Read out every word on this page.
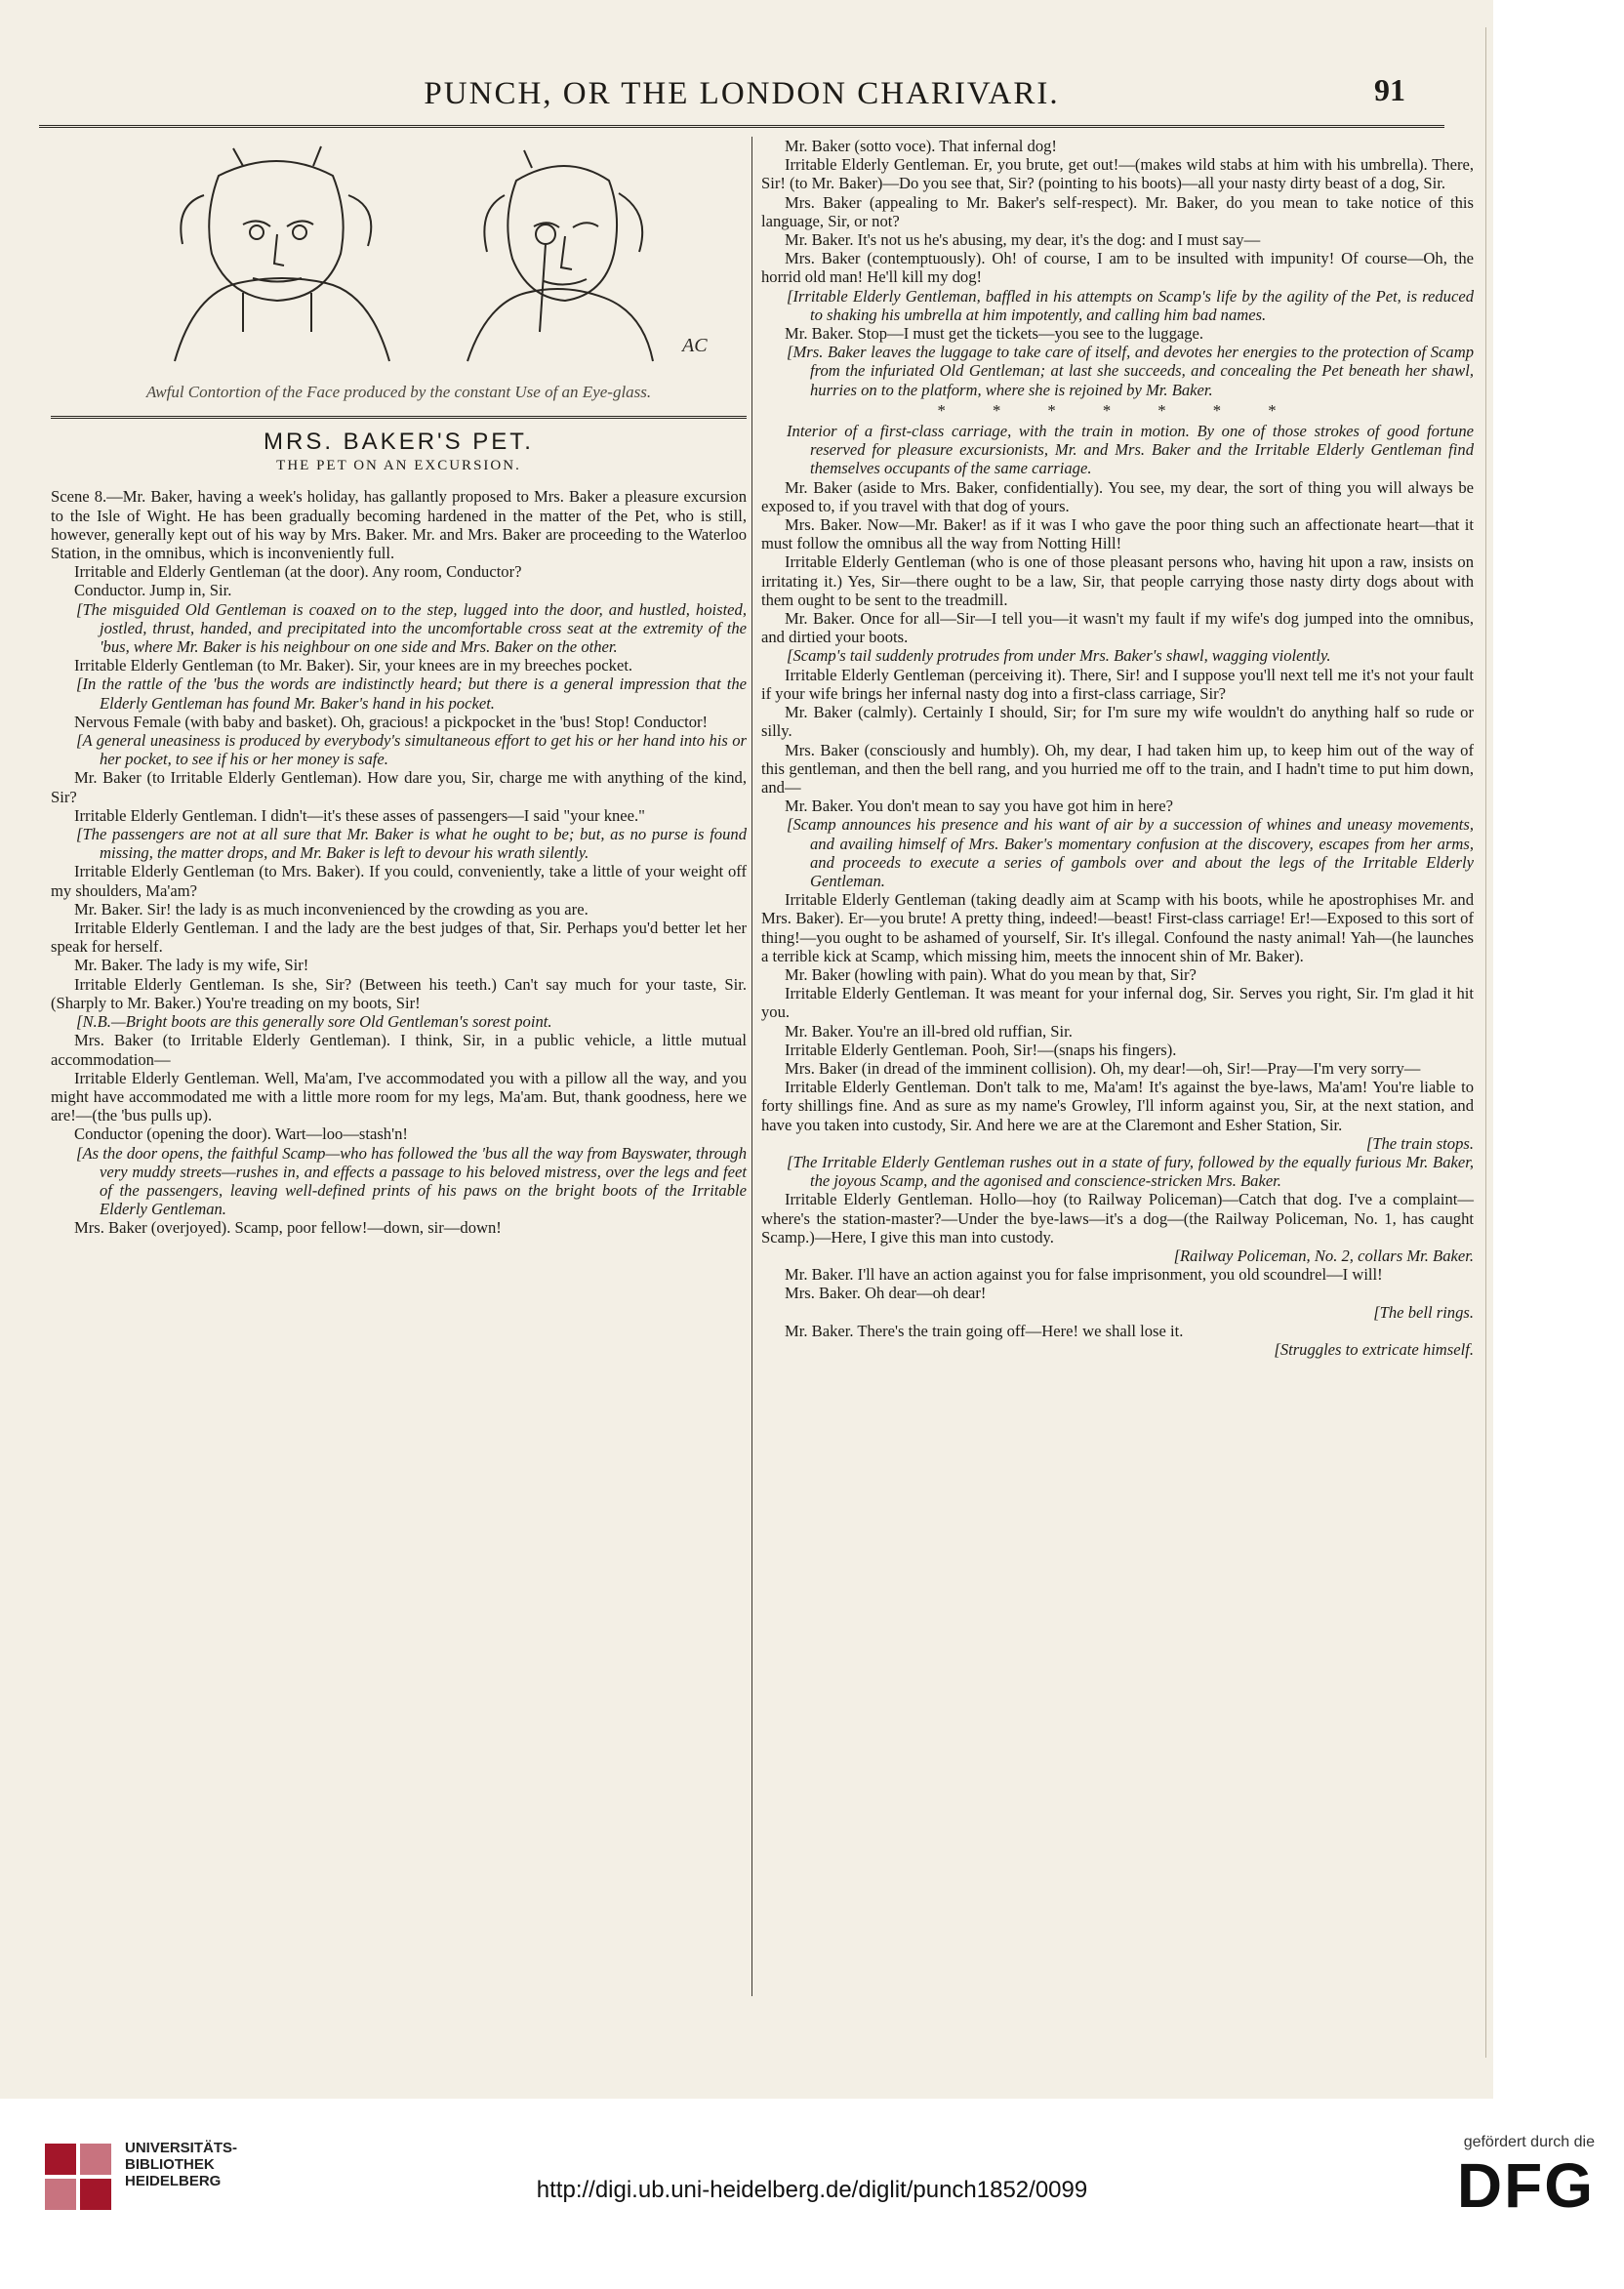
PUNCH, OR THE LONDON CHARIVARI.	91
AC
Awful Contortion of the Face produced by the constant Use of an Eye-glass.
MRS. BAKER'S PET.
THE PET ON AN EXCURSION.

Scene 8.—Mr. Baker, having a week's holiday, has gallantly proposed to Mrs. Baker a pleasure excursion to the Isle of Wight. He has been gradually becoming hardened in the matter of the Pet, who is still, however, generally kept out of his way by Mrs. Baker. Mr. and Mrs. Baker are proceeding to the Waterloo Station, in the omnibus, which is inconveniently full.

Irritable and Elderly Gentleman (at the door). Any room, Conductor?

Conductor. Jump in, Sir.

[The misguided Old Gentleman is coaxed on to the step, lugged into the door, and hustled, hoisted, jostled, thrust, handed, and precipitated into the uncomfortable cross seat at the extremity of the 'bus, where Mr. Baker is his neighbour on one side and Mrs. Baker on the other.

Irritable Elderly Gentleman (to Mr. Baker). Sir, your knees are in my breeches pocket.

[In the rattle of the 'bus the words are indistinctly heard; but there is a general impression that the Elderly Gentleman has found Mr. Baker's hand in his pocket.

Nervous Female (with baby and basket). Oh, gracious! a pickpocket in the 'bus! Stop! Conductor!

[A general uneasiness is produced by everybody's simultaneous effort to get his or her hand into his or her pocket, to see if his or her money is safe.

Mr. Baker (to Irritable Elderly Gentleman). How dare you, Sir, charge me with anything of the kind, Sir?

Irritable Elderly Gentleman. I didn't—it's these asses of passengers—I said "your knee."

[The passengers are not at all sure that Mr. Baker is what he ought to be; but, as no purse is found missing, the matter drops, and Mr. Baker is left to devour his wrath silently.

Irritable Elderly Gentleman (to Mrs. Baker). If you could, conveniently, take a little of your weight off my shoulders, Ma'am?

Mr. Baker. Sir! the lady is as much inconvenienced by the crowding as you are.

Irritable Elderly Gentleman. I and the lady are the best judges of that, Sir. Perhaps you'd better let her speak for herself.

Mr. Baker. The lady is my wife, Sir!

Irritable Elderly Gentleman. Is she, Sir? (Between his teeth.) Can't say much for your taste, Sir. (Sharply to Mr. Baker.) You're treading on my boots, Sir!

[N.B.—Bright boots are this generally sore Old Gentleman's sorest point.

Mrs. Baker (to Irritable Elderly Gentleman). I think, Sir, in a public vehicle, a little mutual accommodation—

Irritable Elderly Gentleman. Well, Ma'am, I've accommodated you with a pillow all the way, and you might have accommodated me with a little more room for my legs, Ma'am. But, thank goodness, here we are!—(the 'bus pulls up).

Conductor (opening the door). Wart—loo—stash'n!

[As the door opens, the faithful Scamp—who has followed the 'bus all the way from Bayswater, through very muddy streets—rushes in, and effects a passage to his beloved mistress, over the legs and feet of the passengers, leaving well-defined prints of his paws on the bright boots of the Irritable Elderly Gentleman.

Mrs. Baker (overjoyed). Scamp, poor fellow!—down, sir—down!

Mr. Baker (sotto voce). That infernal dog!

Irritable Elderly Gentleman. Er, you brute, get out!—(makes wild stabs at him with his umbrella). There, Sir! (to Mr. Baker)—Do you see that, Sir? (pointing to his boots)—all your nasty dirty beast of a dog, Sir.

Mrs. Baker (appealing to Mr. Baker's self-respect). Mr. Baker, do you mean to take notice of this language, Sir, or not?

Mr. Baker. It's not us he's abusing, my dear, it's the dog: and I must say—

Mrs. Baker (contemptuously). Oh! of course, I am to be insulted with impunity! Of course—Oh, the horrid old man! He'll kill my dog!

[Irritable Elderly Gentleman, baffled in his attempts on Scamp's life by the agility of the Pet, is reduced to shaking his umbrella at him impotently, and calling him bad names.

Mr. Baker. Stop—I must get the tickets—you see to the luggage.

[Mrs. Baker leaves the luggage to take care of itself, and devotes her energies to the protection of Scamp from the infuriated Old Gentleman; at last she succeeds, and concealing the Pet beneath her shawl, hurries on to the platform, where she is rejoined by Mr. Baker.

* * * * * * *

Interior of a first-class carriage, with the train in motion. By one of those strokes of good fortune reserved for pleasure excursionists, Mr. and Mrs. Baker and the Irritable Elderly Gentleman find themselves occupants of the same carriage.

Mr. Baker (aside to Mrs. Baker, confidentially). You see, my dear, the sort of thing you will always be exposed to, if you travel with that dog of yours.

Mrs. Baker. Now—Mr. Baker! as if it was I who gave the poor thing such an affectionate heart—that it must follow the omnibus all the way from Notting Hill!

Irritable Elderly Gentleman (who is one of those pleasant persons who, having hit upon a raw, insists on irritating it.) Yes, Sir—there ought to be a law, Sir, that people carrying those nasty dirty dogs about with them ought to be sent to the treadmill.

Mr. Baker. Once for all—Sir—I tell you—it wasn't my fault if my wife's dog jumped into the omnibus, and dirtied your boots.

[Scamp's tail suddenly protrudes from under Mrs. Baker's shawl, wagging violently.

Irritable Elderly Gentleman (perceiving it). There, Sir! and I suppose you'll next tell me it's not your fault if your wife brings her infernal nasty dog into a first-class carriage, Sir?

Mr. Baker (calmly). Certainly I should, Sir; for I'm sure my wife wouldn't do anything half so rude or silly.

Mrs. Baker (consciously and humbly). Oh, my dear, I had taken him up, to keep him out of the way of this gentleman, and then the bell rang, and you hurried me off to the train, and I hadn't time to put him down, and—

Mr. Baker. You don't mean to say you have got him in here?

[Scamp announces his presence and his want of air by a succession of whines and uneasy movements, and availing himself of Mrs. Baker's momentary confusion at the discovery, escapes from her arms, and proceeds to execute a series of gambols over and about the legs of the Irritable Elderly Gentleman.

Irritable Elderly Gentleman (taking deadly aim at Scamp with his boots, while he apostrophises Mr. and Mrs. Baker). Er—you brute! A pretty thing, indeed!—beast! First-class carriage! Er!—Exposed to this sort of thing!—you ought to be ashamed of yourself, Sir. It's illegal. Confound the nasty animal! Yah—(he launches a terrible kick at Scamp, which missing him, meets the innocent shin of Mr. Baker).

Mr. Baker (howling with pain). What do you mean by that, Sir?

Irritable Elderly Gentleman. It was meant for your infernal dog, Sir. Serves you right, Sir. I'm glad it hit you.

Mr. Baker. You're an ill-bred old ruffian, Sir.

Irritable Elderly Gentleman. Pooh, Sir!—(snaps his fingers).

Mrs. Baker (in dread of the imminent collision). Oh, my dear!—oh, Sir!—Pray—I'm very sorry—

Irritable Elderly Gentleman. Don't talk to me, Ma'am! It's against the bye-laws, Ma'am! You're liable to forty shillings fine. And as sure as my name's Growley, I'll inform against you, Sir, at the next station, and have you taken into custody, Sir. And here we are at the Claremont and Esher Station, Sir.

[The train stops.

[The Irritable Elderly Gentleman rushes out in a state of fury, followed by the equally furious Mr. Baker, the joyous Scamp, and the agonised and conscience-stricken Mrs. Baker.

Irritable Elderly Gentleman. Hollo—hoy (to Railway Policeman)—Catch that dog. I've a complaint—where's the station-master?—Under the bye-laws—it's a dog—(the Railway Policeman, No. 1, has caught Scamp.)—Here, I give this man into custody.

[Railway Policeman, No. 2, collars Mr. Baker.

Mr. Baker. I'll have an action against you for false imprisonment, you old scoundrel—I will!

Mrs. Baker. Oh dear—oh dear!

[The bell rings.

Mr. Baker. There's the train going off—Here! we shall lose it.

[Struggles to extricate himself.

UNIVERSITÄTS-
BIBLIOTHEK
HEIDELBERG	http://digi.ub.uni-heidelberg.de/diglit/punch1852/0099
gefördert durch die
DFG
